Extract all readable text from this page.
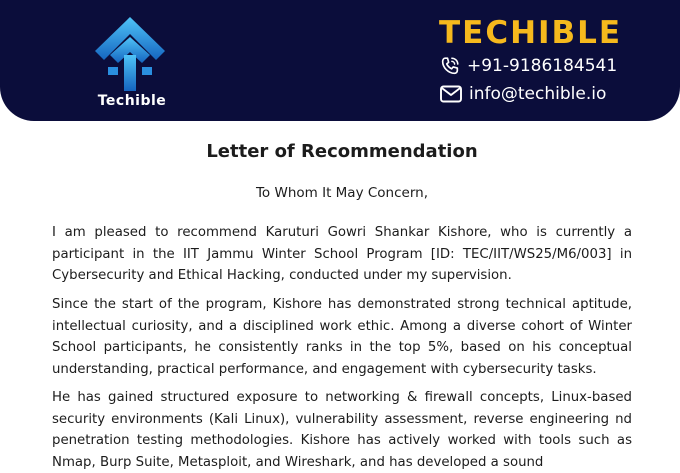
Techible
TECHIBLE
+91-9186184541
info@techible.io
Letter of Recommendation
To Whom It May Concern,

I am pleased to recommend Karuturi Gowri Shankar Kishore, who is currently a participant in the IIT Jammu Winter School Program [ID: TEC/IIT/WS25/M6/003] in Cybersecurity and Ethical Hacking, conducted under my supervision.

Since the start of the program, Kishore has demonstrated strong technical aptitude, intellectual curiosity, and a disciplined work ethic. Among a diverse cohort of Winter School participants, he consistently ranks in the top 5%, based on his conceptual understanding, practical performance, and engagement with cybersecurity tasks.

He has gained structured exposure to networking & firewall concepts, Linux-based security environments (Kali Linux), vulnerability assessment, reverse engineering nd penetration testing methodologies. Kishore has actively worked with tools such as Nmap, Burp Suite, Metasploit, and Wireshark, and has developed a sound
